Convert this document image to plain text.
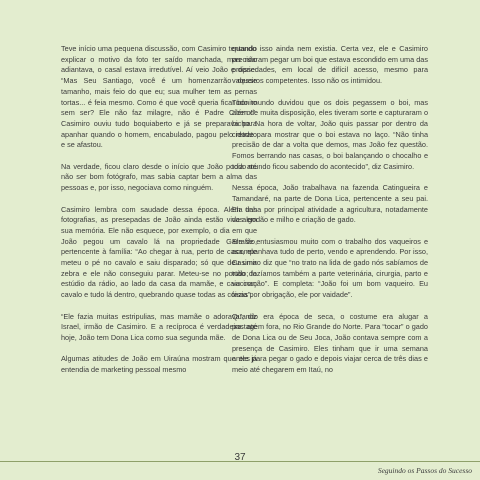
Teve início uma pequena discussão, com Casimiro tentando explicar o motivo da foto ter saído manchada, mas não adiantava, o casal estava irredutível. Aí veio João e disse: “Mas Seu Santiago, você é um homenzarrão desse tamanho, mais feio do que eu; sua mulher tem as pernas tortas... é feia mesmo. Como é que você queria ficar bonito sem ser? Ele não faz milagre, não é Padre Cícero!”. Casimiro ouviu tudo boquiaberto e já se preparava para apanhar quando o homem, encabulado, pagou pelo retrato e se afastou.

Na verdade, ficou claro desde o início que João podia até não ser bom fotógrafo, mas sabia captar bem a alma das pessoas e, por isso, negociava como ninguém.

Casimiro lembra com saudade dessa época. Além das fotografias, as presepadas de João ainda estão vivas em sua memória. Ele não esquece, por exemplo, o dia em que João pegou um cavalo lá na propriedade Garrafão, pertencente à família: “Ao chegar à rua, perto de casa, ele meteu o pé no cavalo e saiu disparado; só que deu uma zebra e ele não conseguiu parar. Meteu-se no portão do estúdio da rádio, ao lado da casa da mamãe, e caiu com cavalo e tudo lá dentro, quebrando quase todas as coisas”.

“Ele fazia muitas estripulias, mas mamãe o adorava”, diz Israel, irmão de Casimiro. E a recíproca é verdadeira: até hoje, João tem Dona Lica como sua segunda mãe.

Algumas atitudes de João em Uiraúna mostram que ele já entendia de marketing pessoal mesmo

quando isso ainda nem existia. Certa vez, ele e Casimiro precisaram pegar um boi que estava escondido em uma das propriedades, em local de difícil acesso, mesmo para vaqueiros competentes. Isso não os intimidou.

Todo mundo duvidou que os dois pegassem o boi, mas além de muita disposição, eles tiveram sorte e capturaram o bicho. Na hora de voltar, João quis passar por dentro da cidade para mostrar que o boi estava no laço. “Não tinha precisão de dar a volta que demos, mas João fez questão. Fomos berrando nas casas, o boi balançando o chocalho e todo mundo ficou sabendo do acontecido”, diz Casimiro.

Nessa época, João trabalhava na fazenda Catingueira e Tamandaré, na parte de Dona Lica, pertencente a seu pai. Ela tinha por principal atividade a agricultura, notadamente de algodão e milho e criação de gado.

Ele se entusiasmou muito com o trabalho dos vaqueiros e acompanhava tudo de perto, vendo e aprendendo. Por isso, Casimiro diz que “no trato na lida de gado nós sabíamos de tudo; fazíamos também a parte veterinária, cirurgia, parto e vacinação”. E completa: “João foi um bom vaqueiro. Eu fazia por obrigação, ele por vaidade”.

Quando era época de seca, o costume era alugar a pastagem fora, no Rio Grande do Norte. Para “tocar” o gado de Dona Lica ou de Seu Joca, João contava sempre com a presença de Casimiro. Eles tinham que ir uma semana antes para pegar o gado e depois viajar cerca de três dias e meio até chegarem em Itaú, no

37
Seguindo os Passos do Sucesso
